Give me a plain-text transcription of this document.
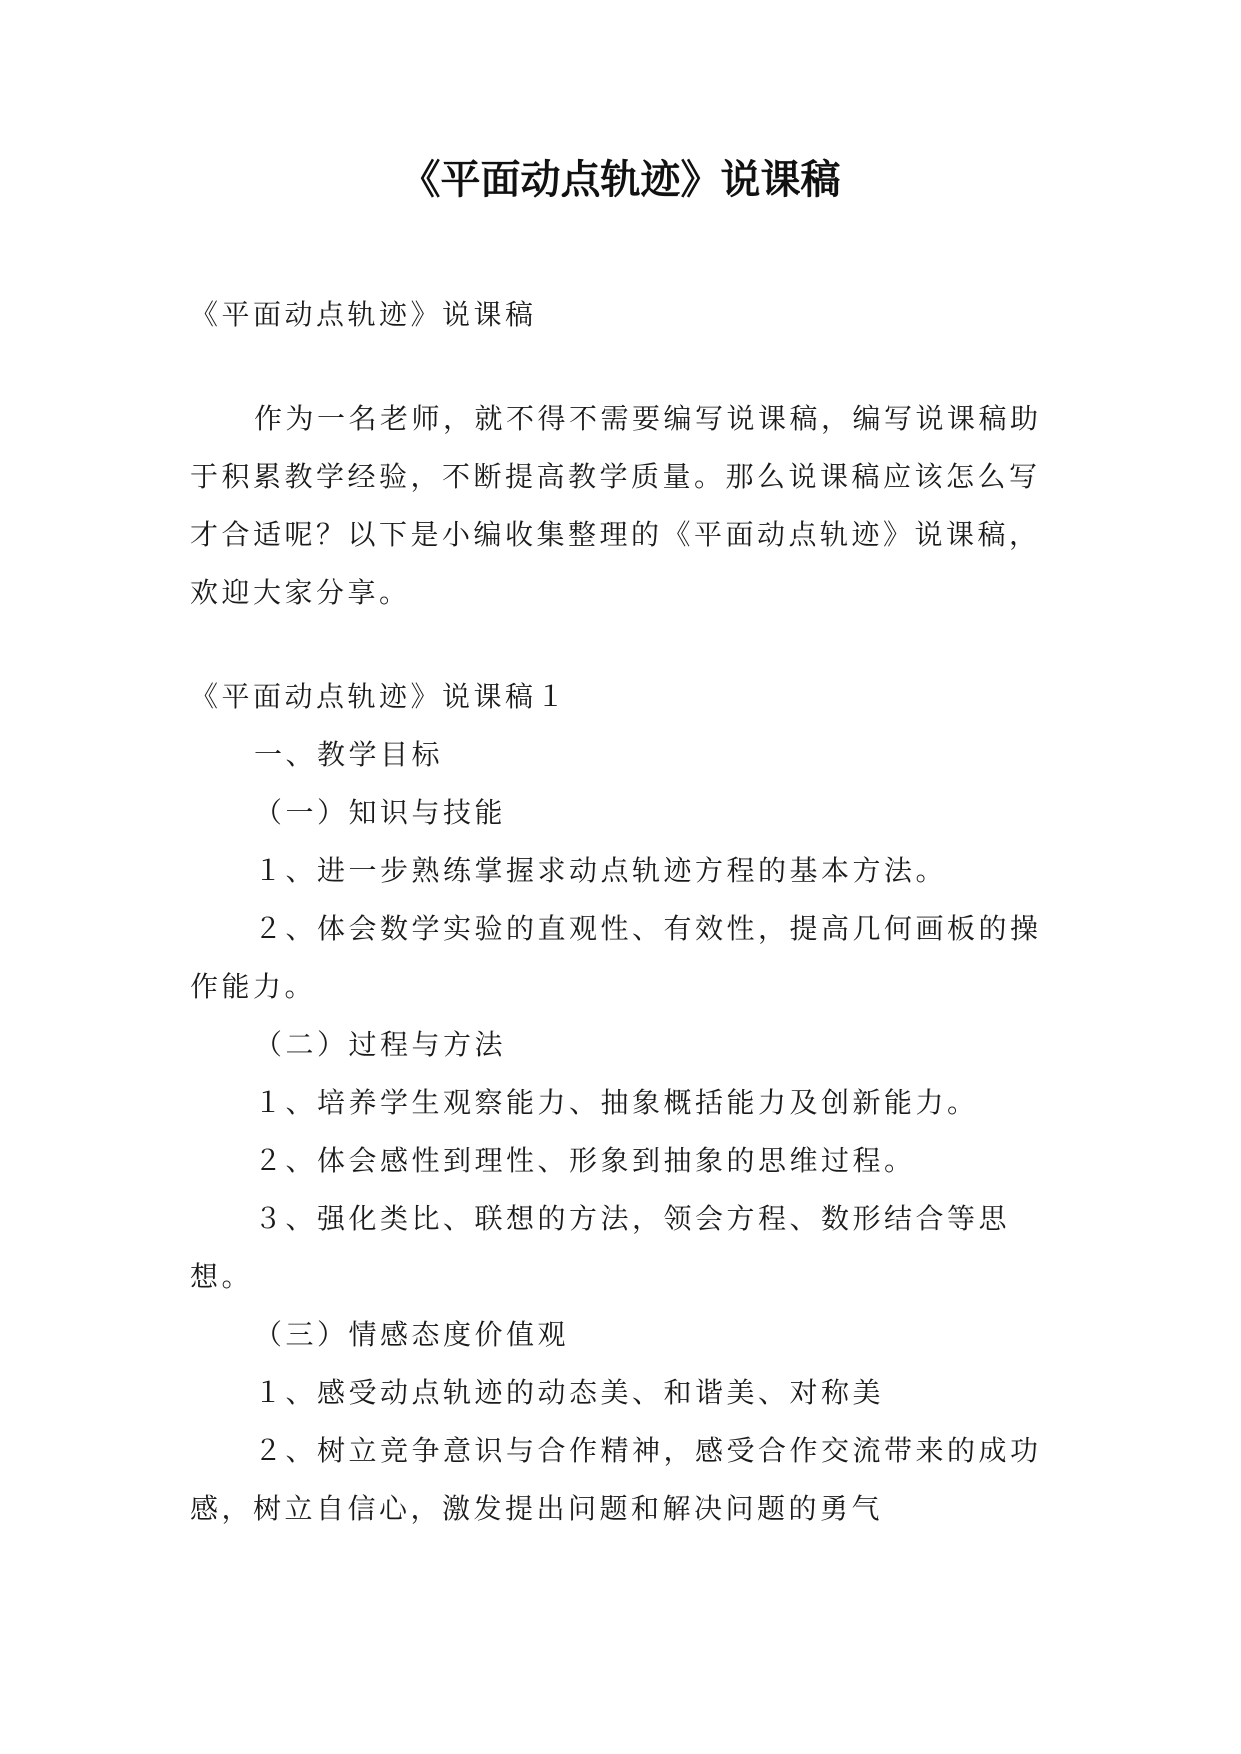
《平面动点轨迹》说课稿

《平面动点轨迹》说课稿

作为一名老师，就不得不需要编写说课稿，编写说课稿助于积累教学经验，不断提高教学质量。那么说课稿应该怎么写才合适呢？以下是小编收集整理的《平面动点轨迹》说课稿，欢迎大家分享。

《平面动点轨迹》说课稿１

一、教学目标

（一）知识与技能

１、进一步熟练掌握求动点轨迹方程的基本方法。

２、体会数学实验的直观性、有效性，提高几何画板的操作能力。

（二）过程与方法

１、培养学生观察能力、抽象概括能力及创新能力。

２、体会感性到理性、形象到抽象的思维过程。

３、强化类比、联想的方法，领会方程、数形结合等思想。

（三）情感态度价值观

１、感受动点轨迹的动态美、和谐美、对称美

２、树立竞争意识与合作精神，感受合作交流带来的成功感，树立自信心，激发提出问题和解决问题的勇气
